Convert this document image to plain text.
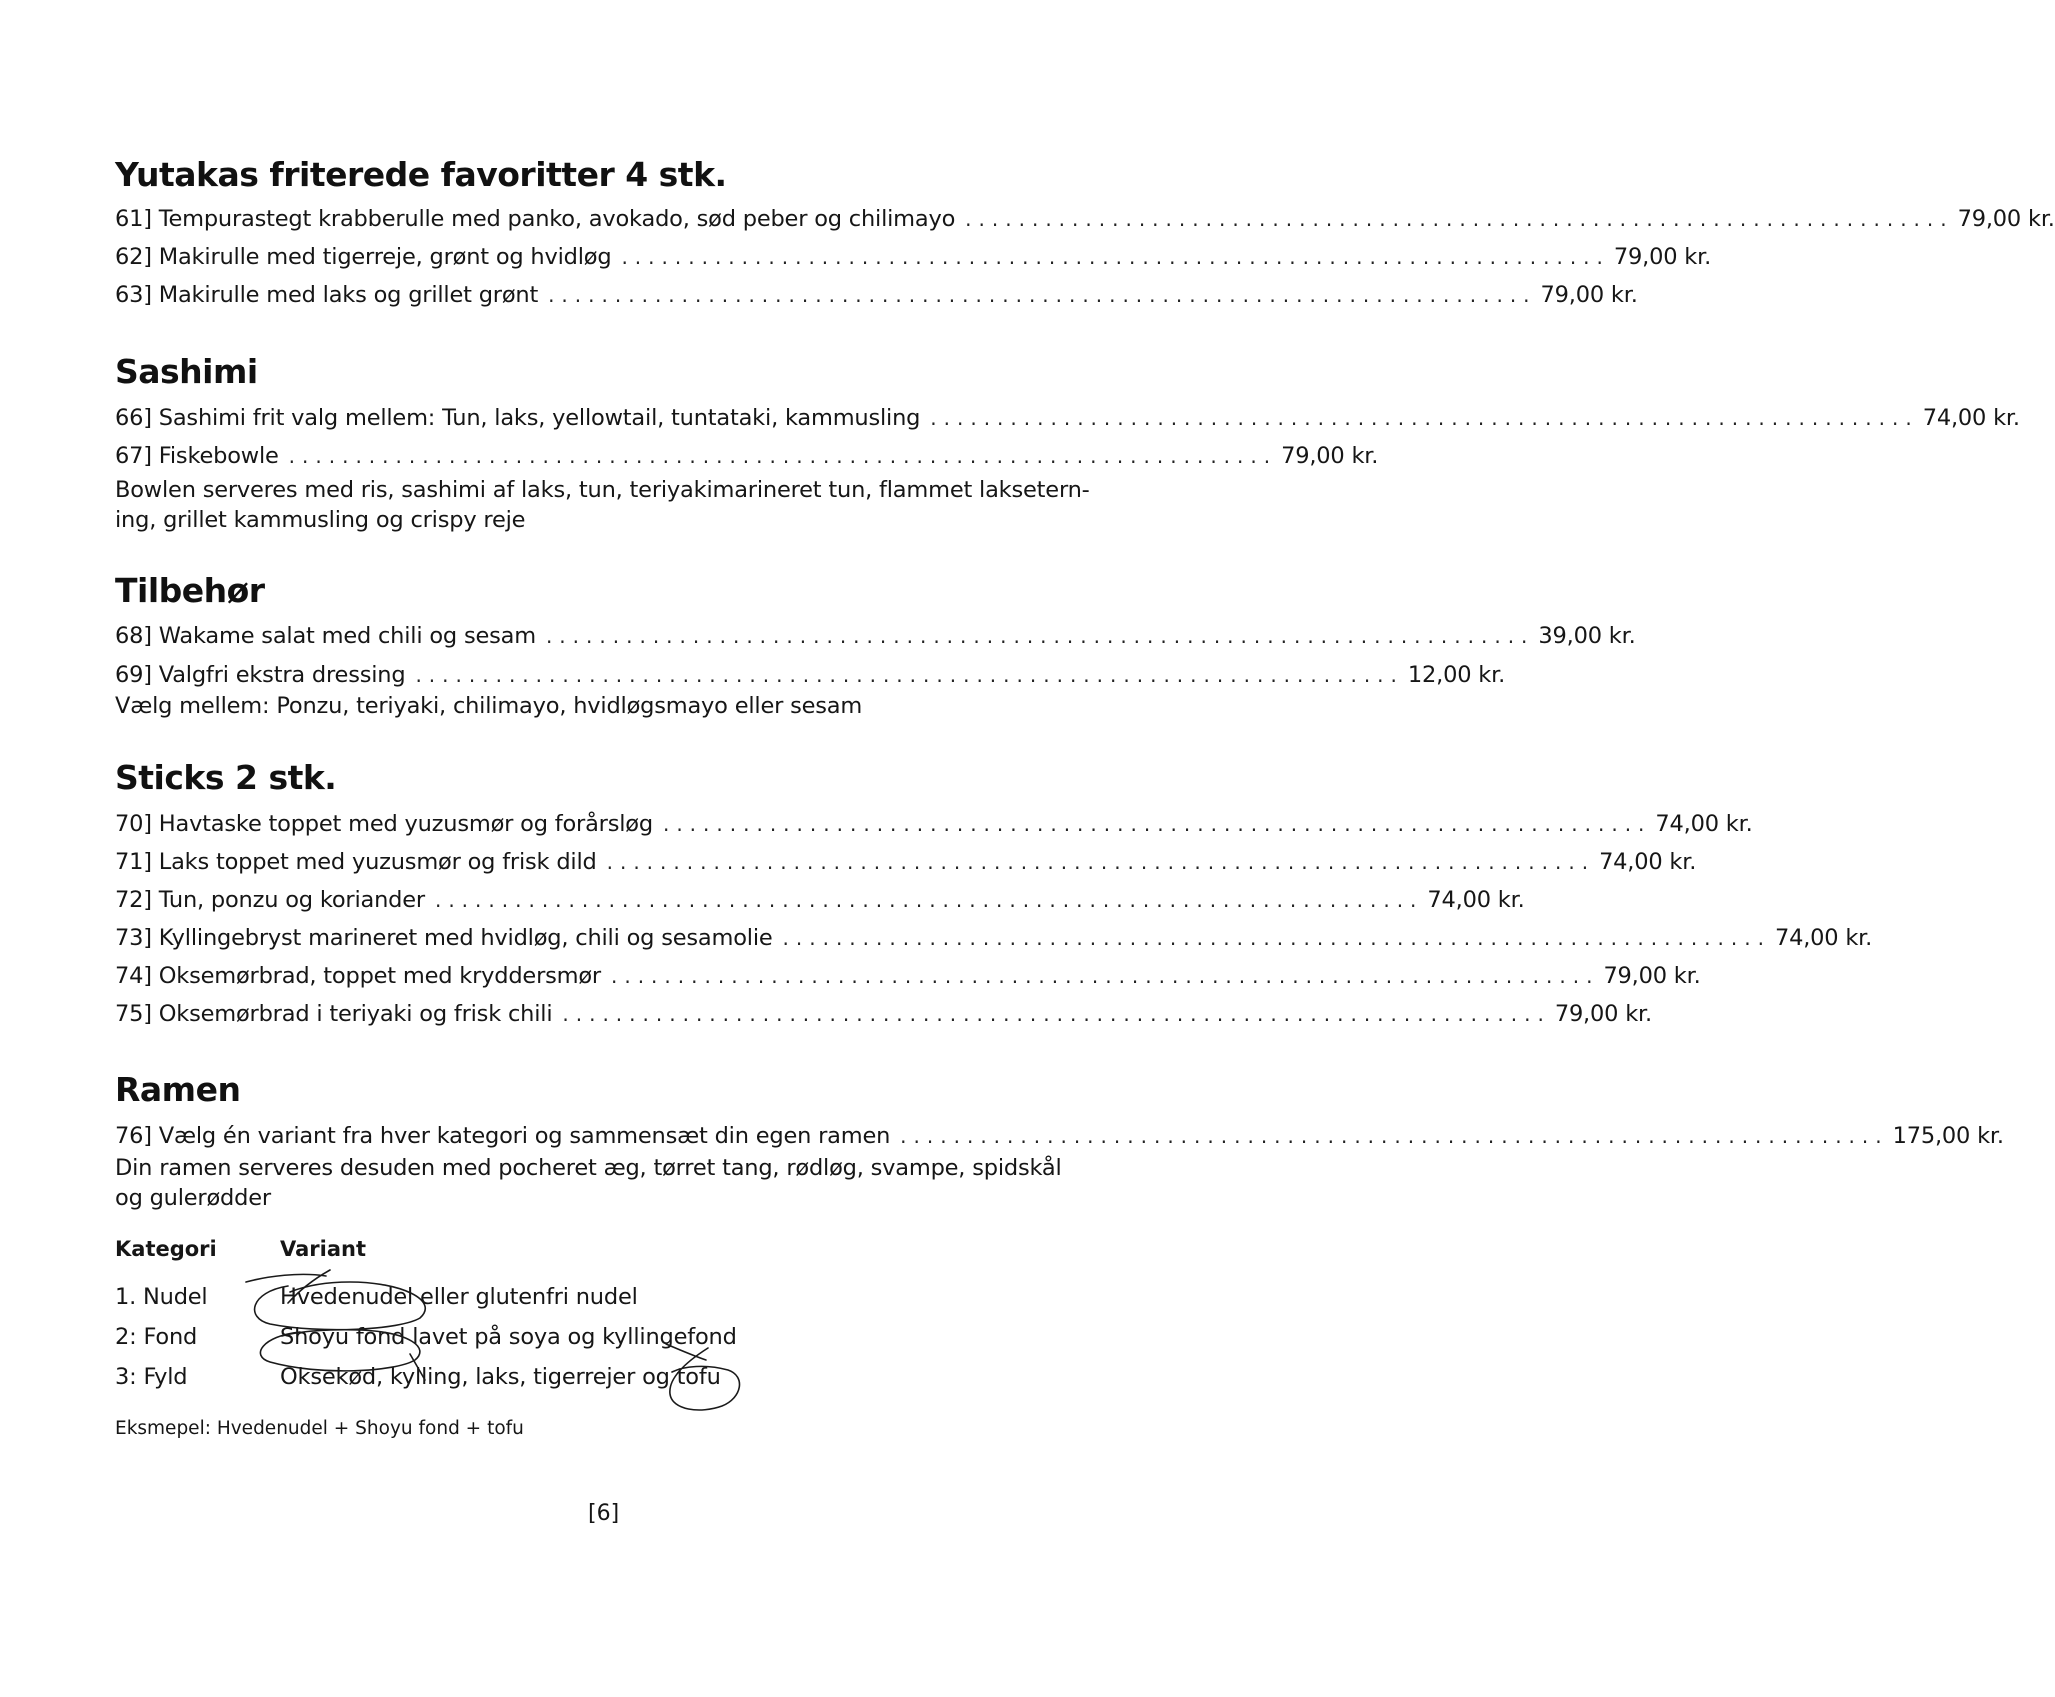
Yutakas friterede favoritter 4 stk.
61] Tempurastegt krabberulle med panko, avokado, sød peber og chilimayo .......................................................................... 79,00 kr.
62] Makirulle med tigerreje, grønt og hvidløg .......................................................................... 79,00 kr.
63] Makirulle med laks og grillet grønt .......................................................................... 79,00 kr.
Sashimi
66] Sashimi frit valg mellem: Tun, laks, yellowtail, tuntataki, kammusling .......................................................................... 74,00 kr.
67] Fiskebowle .......................................................................... 79,00 kr.
Bowlen serveres med ris, sashimi af laks, tun, teriyakimarineret tun, flammet laksetern-ing, grillet kammusling og crispy reje
Tilbehør
68] Wakame salat med chili og sesam .......................................................................... 39,00 kr.
69] Valgfri ekstra dressing .......................................................................... 12,00 kr.
Vælg mellem: Ponzu, teriyaki, chilimayo, hvidløgsmayo eller sesam
Sticks 2 stk.
70] Havtaske toppet med yuzusmør og forårsløg .......................................................................... 74,00 kr.
71] Laks toppet med yuzusmør og frisk dild .......................................................................... 74,00 kr.
72] Tun, ponzu og koriander .......................................................................... 74,00 kr.
73] Kyllingebryst marineret med hvidløg, chili og sesamolie .......................................................................... 74,00 kr.
74] Oksemørbrad, toppet med kryddersmør .......................................................................... 79,00 kr.
75] Oksemørbrad i teriyaki og frisk chili .......................................................................... 79,00 kr.
Ramen
76] Vælg én variant fra hver kategori og sammensæt din egen ramen .......................................................................... 175,00 kr.
Din ramen serveres desuden med pocheret æg, tørret tang, rødløg, svampe, spidskål og gulerødder
Kategori	Variant
1. Nudel	Hvedenudel eller glutenfri nudel
2: Fond	Shoyu fond lavet på soya og kyllingefond
3: Fyld	Oksekød, kylling, laks, tigerrejer og tofu
Eksmepel: Hvedenudel + Shoyu fond + tofu
[6]
